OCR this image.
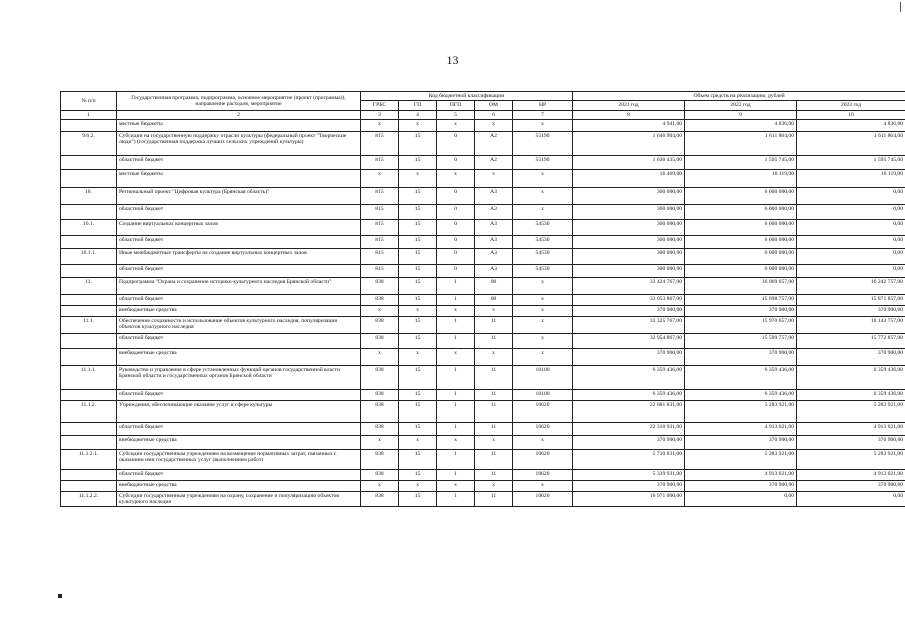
13
№ п/п	Государственная программа, подпрограмма, основное мероприятие (проект (программа)), направление расходов, мероприятие	Код бюджетной классификации					Объем средств на реализацию, рублей		
		ГРБС	ГП	ПГП	ОМ	НР	2021 год	2022 год	2023 год
1	2	3	4	5	6	7	8	9	10
	местные бюджеты	х	х	х	х	х	4 941,00	4 836,00	4 836,00
9.6.2.	Субсидии на государственную поддержку отрасли культуры (федеральный проект "Творческие люди") (государственная поддержка лучших сельских учреждений культуры)	815	15	0	А2	55190	1 646 904,00	1 611 864,00	1 611 864,00
	областной бюджет	815	15	0	А2	55190	1 630 435,00	1 595 745,00	1 595 745,00
	местные бюджеты	х	х	х	х	х	16 469,00	16 119,00	16 119,00
10.	Региональный проект "Цифровая культура (Брянская область)"	815	15	0	А3	х	300 000,00	6 000 000,00	0,00
	областной бюджет	815	15	0	А3	х	300 000,00	6 000 000,00	0,00
10.1.	Создание виртуальных концертных залов	815	15	0	А3	54530	300 000,00	6 000 000,00	0,00
	областной бюджет	815	15	0	А3	54530	300 000,00	6 000 000,00	0,00
10.1.1.	Иные межбюджетные трансферты на создание виртуальных концертных залов	815	15	0	А3	54530	300 000,00	6 000 000,00	0,00
	областной бюджет	815	15	0	А3	54530	300 000,00	6 000 000,00	0,00
11.	Подпрограмма "Охрана и сохранение историко-культурного наследия Брянской области"	838	15	1	00	х	33 424 767,00	16 069 657,00	16 242 757,00
	областной бюджет	838	15	1	00	х	33 053 867,00	15 698 757,00	15 871 857,00
	внебюджетные средства	х	х	х	х	х	370 900,00	370 900,00	370 900,00
11.1.	Обеспечение сохранности и использование объектов культурного наследия, популяризация объектов культурного наследия	838	15	1	11	х	33 325 767,00	15 970 657,00	16 143 757,00
	областной бюджет	838	15	1	11	х	32 954 867,00	15 599 757,00	15 772 857,00
	внебюджетные средства	х	х	х	х	х	370 900,00	370 900,00	370 900,00
11.1.1.	Руководство и управление в сфере установленных функций органов государственной власти Брянской области и государственных органов Брянской области	838	15	1	11	10100	6 359 436,00	6 359 436,00	6 359 436,00
	областной бюджет	838	15	1	11	10100	6 359 436,00	6 359 436,00	6 359 436,00
11.1.2.	Учреждения, обеспечивающие оказание услуг в сфере культуры	838	15	1	11	10620	22 681 831,00	5 283 921,00	5 283 921,00
	областной бюджет	838	15	1	11	10620	22 310 931,00	4 913 021,00	4 913 021,00
	внебюджетные средства	х	х	х	х	х	370 900,00	370 900,00	370 900,00
11.1.2.1.	Субсидии государственным учреждениям на возмещение нормативных затрат, связанных с оказанием ими государственных услуг (выполнением работ)	838	15	1	11	10620	5 710 831,00	5 283 921,00	5 283 921,00
	областной бюджет	838	15	1	11	10620	5 339 931,00	4 913 021,00	4 913 021,00
	внебюджетные средства	х	х	х	х	х	370 900,00	370 900,00	370 900,00
11.1.2.2.	Субсидии государственным учреждениям на охрану, сохранение и популяризацию объектов культурного наследия	838	15	1	11	10620	16 971 000,00	0,00	0,00
